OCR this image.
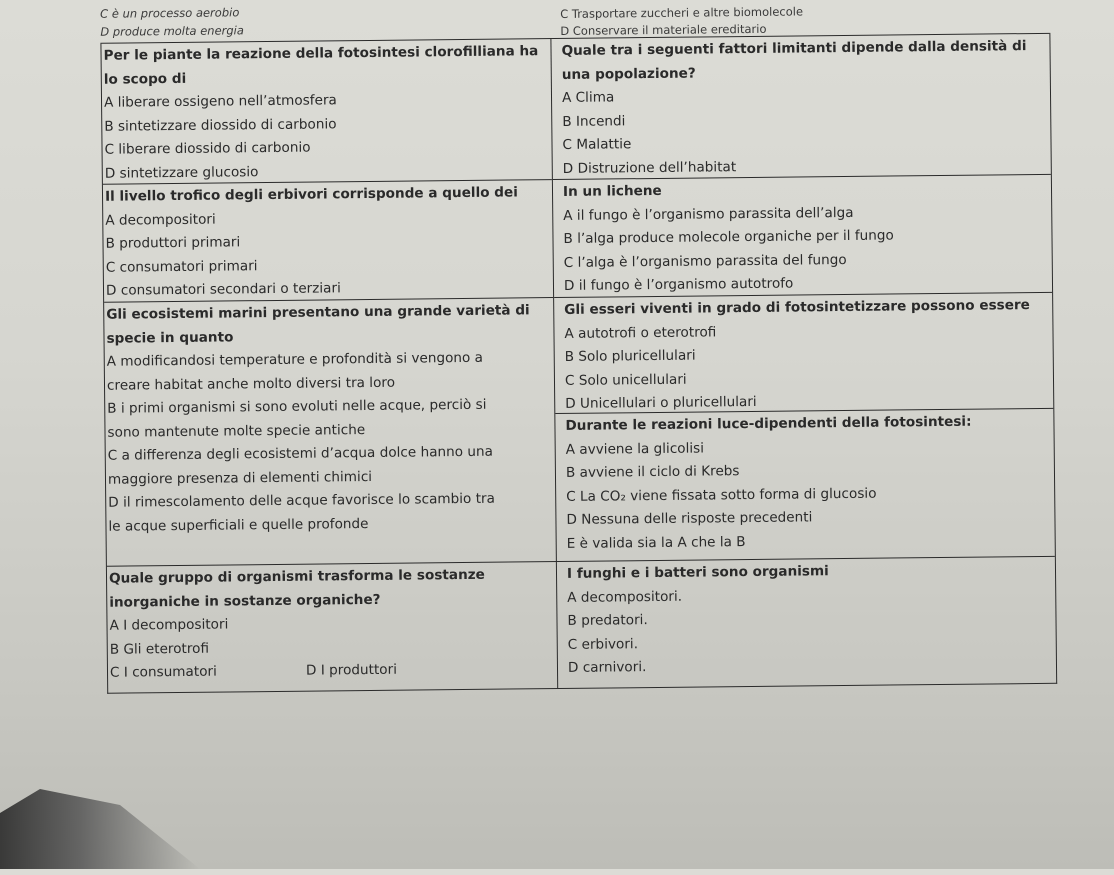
C è un processo aerobio
D produce molta energia
C Trasportare zuccheri e altre biomolecole
D Conservare il materiale ereditario
Per le piante la reazione della fotosintesi clorofilliana ha
lo scopo di
A liberare ossigeno nell’atmosfera
B sintetizzare diossido di carbonio
C liberare diossido di carbonio
D sintetizzare glucosio
Il livello trofico degli erbivori corrisponde a quello dei
A decompositori
B produttori primari
C consumatori primari
D consumatori secondari o terziari
Gli ecosistemi marini presentano una grande varietà di
specie in quanto
A modificandosi temperature e profondità si vengono a
creare habitat anche molto diversi tra loro
B i primi organismi si sono evoluti nelle acque, perciò si
sono mantenute molte specie antiche
C a differenza degli ecosistemi d’acqua dolce hanno una
maggiore presenza di elementi chimici
D il rimescolamento delle acque favorisce lo scambio tra
le acque superficiali e quelle profonde
Quale gruppo di organismi trasforma le sostanze
inorganiche in sostanze organiche?
A I decompositori
B Gli eterotrofi
C I consumatori	D I produttori
Quale tra i seguenti fattori limitanti dipende dalla densità di
una popolazione?
A Clima
B Incendi
C Malattie
D Distruzione dell’habitat
In un lichene
A il fungo è l’organismo parassita dell’alga
B l’alga produce molecole organiche per il fungo
C l’alga è l’organismo parassita del fungo
D il fungo è l’organismo autotrofo
Gli esseri viventi in grado di fotosintetizzare possono essere
A autotrofi o eterotrofi
B Solo pluricellulari
C Solo unicellulari
D Unicellulari o pluricellulari
Durante le reazioni luce-dipendenti della fotosintesi:
A avviene la glicolisi
B avviene il ciclo di Krebs
C La CO₂ viene fissata sotto forma di glucosio
D Nessuna delle risposte precedenti
E è valida sia la A che la B
I funghi e i batteri sono organismi
A decompositori.
B predatori.
C erbivori.
D carnivori.
